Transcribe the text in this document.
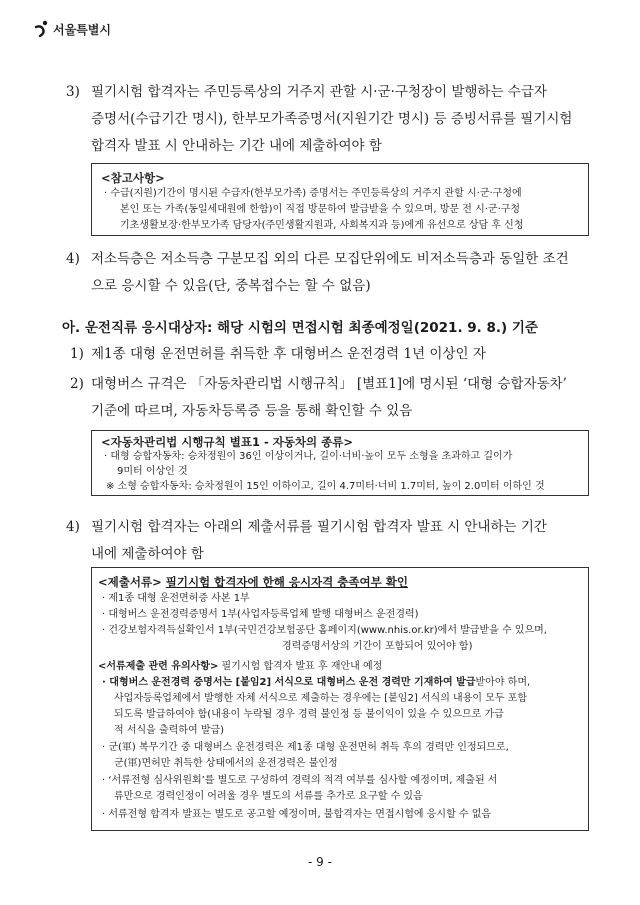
서울특별시
3) 필기시험 합격자는 주민등록상의 거주지 관할 시·군·구청장이 발행하는 수급자
증명서(수급기간 명시), 한부모가족증명서(지원기간 명시) 등 증빙서류를 필기시험
합격자 발표 시 안내하는 기간 내에 제출하여야 함
<참고사항>
· 수급(지원)기간이 명시된 수급자(한부모가족) 증명서는 주민등록상의 거주지 관할 시·군·구청에
본인 또는 가족(동일세대원에 한함)이 직접 방문하여 발급받을 수 있으며, 방문 전 시·군·구청
기초생활보장·한부모가족 담당자(주민생활지원과, 사회복지과 등)에게 유선으로 상담 후 신청
4) 저소득층은 저소득층 구분모집 외의 다른 모집단위에도 비저소득층과 동일한 조건
으로 응시할 수 있음(단, 중복접수는 할 수 없음)
아. 운전직류 응시대상자: 해당 시험의 면접시험 최종예정일(2021. 9. 8.) 기준
1) 제1종 대형 운전면허를 취득한 후 대형버스 운전경력 1년 이상인 자
2) 대형버스 규격은 「자동차관리법 시행규칙」 [별표1]에 명시된 ‘대형 승합자동차’
기준에 따르며, 자동차등록증 등을 통해 확인할 수 있음
<자동차관리법 시행규칙 별표1 - 자동차의 종류>
· 대형 승합자동차: 승차정원이 36인 이상이거나, 길이·너비·높이 모두 소형을 초과하고 길이가
9미터 이상인 것
※ 소형 승합자동차: 승차정원이 15인 이하이고, 길이 4.7미터·너비 1.7미터, 높이 2.0미터 이하인 것
4) 필기시험 합격자는 아래의 제출서류를 필기시험 합격자 발표 시 안내하는 기간
내에 제출하여야 함
<제출서류> 필기시험 합격자에 한해 응시자격 충족여부 확인
· 제1종 대형 운전면허증 사본 1부
· 대형버스 운전경력증명서 1부(사업자등록업체 발행 대형버스 운전경력)
· 건강보험자격득실확인서 1부(국민건강보험공단 홈페이지(www.nhis.or.kr)에서 발급받을 수 있으며,
경력증명서상의 기간이 포함되어 있어야 함)
<서류제출 관련 유의사항> 필기시험 합격자 발표 후 재안내 예정
· 대형버스 운전경력 증명서는 [붙임2] 서식으로 대형버스 운전 경력만 기재하여 발급받아야 하며,
사업자등록업체에서 발행한 자체 서식으로 제출하는 경우에는 [붙임2] 서식의 내용이 모두 포함
되도록 발급하여야 함(내용이 누락될 경우 경력 불인정 등 불이익이 있을 수 있으므로 가급
적 서식을 출력하여 발급)
· 군(軍) 복무기간 중 대형버스 운전경력은 제1종 대형 운전면허 취득 후의 경력만 인정되므로,
군(軍)면허만 취득한 상태에서의 운전경력은 불인정
· ‘서류전형 심사위원회’를 별도로 구성하여 경력의 적격 여부를 심사할 예정이며, 제출된 서
류만으로 경력인정이 어려울 경우 별도의 서류를 추가로 요구할 수 있음
· 서류전형 합격자 발표는 별도로 공고할 예정이며, 불합격자는 면접시험에 응시할 수 없음
- 9 -
